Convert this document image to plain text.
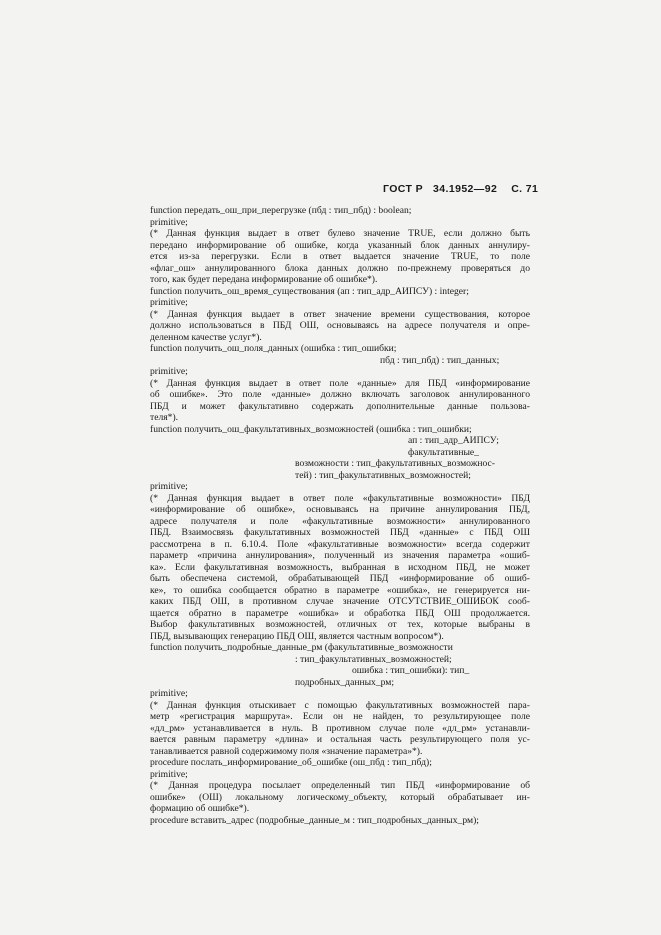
ГОСТ Р 34.1952—92 С. 71
function передать_ош_при_перегрузке (пбд : тип_пбд) : boolean;
primitive;
(* Данная функция выдает в ответ булево значение TRUE, если должно быть
передано информирование об ошибке, когда указанный блок данных аннулиру-
ется из-за перегрузки. Если в ответ выдается значение TRUE, то поле
«флаг_ош» аннулированного блока данных должно по-прежнему проверяться до
того, как будет передана информирование об ошибке*).
function получить_ош_время_существования (ап : тип_адр_АИПСУ) : integer;
primitive;
(* Данная функция выдает в ответ значение времени существования, которое
должно использоваться в ПБД ОШ, основываясь на адресе получателя и опре-
деленном качестве услуг*).
function получить_ош_поля_данных (ошибка : тип_ошибки;
пбд : тип_пбд) : тип_данных;
primitive;
(* Данная функция выдает в ответ поле «данные» для ПБД «информирование
об ошибке». Это поле «данные» должно включать заголовок аннулированного
ПБД и может факультативно содержать дополнительные данные пользова-
теля*).
function получить_ош_факультативных_возможностей (ошибка : тип_ошибки;
ап : тип_адр_АИПСУ;
факультативные_
возможности : тип_факультативных_возможнос-
тей) : тип_факультативных_возможностей;
primitive;
(* Данная функция выдает в ответ поле «факультативные возможности» ПБД
«информирование об ошибке», основываясь на причине аннулирования ПБД,
адресе получателя и поле «факультативные возможности» аннулированного
ПБД. Взаимосвязь факультативных возможностей ПБД «данные» с ПБД ОШ
рассмотрена в п. 6.10.4. Поле «факультативные возможности» всегда содержит
параметр «причина аннулирования», полученный из значения параметра «ошиб-
ка». Если факультативная возможность, выбранная в исходном ПБД, не может
быть обеспечена системой, обрабатывающей ПБД «информирование об ошиб-
ке», то ошибка сообщается обратно в параметре «ошибка», не генерируется ни-
каких ПБД ОШ, в противном случае значение ОТСУТСТВИЕ_ОШИБОК сооб-
щается обратно в параметре «ошибка» и обработка ПБД ОШ продолжается.
Выбор факультативных возможностей, отличных от тех, которые выбраны в
ПБД, вызывающих генерацию ПБД ОШ, является частным вопросом*).
function получить_подробные_данные_рм (факультативные_возможности
: тип_факультативных_возможностей;
ошибка : тип_ошибки): тип_
подробных_данных_рм;
primitive;
(* Данная функция отыскивает с помощью факультативных возможностей пара-
метр «регистрация маршрута». Если он не найден, то результирующее поле
«дл_рм» устанавливается в нуль. В противном случае поле «дл_рм» устанавли-
вается равным параметру «длина» и остальная часть результирующего поля ус-
танавливается равной содержимому поля «значение параметра»*).
procedure послать_информирование_об_ошибке (ош_пбд : тип_пбд);
primitive;
(* Данная процедура посылает определенный тип ПБД «информирование об
ошибке» (ОШ) локальному логическому_объекту, который обрабатывает ин-
формацию об ошибке*).
procedure вставить_адрес (подробные_данные_м : тип_подробных_данных_рм);
